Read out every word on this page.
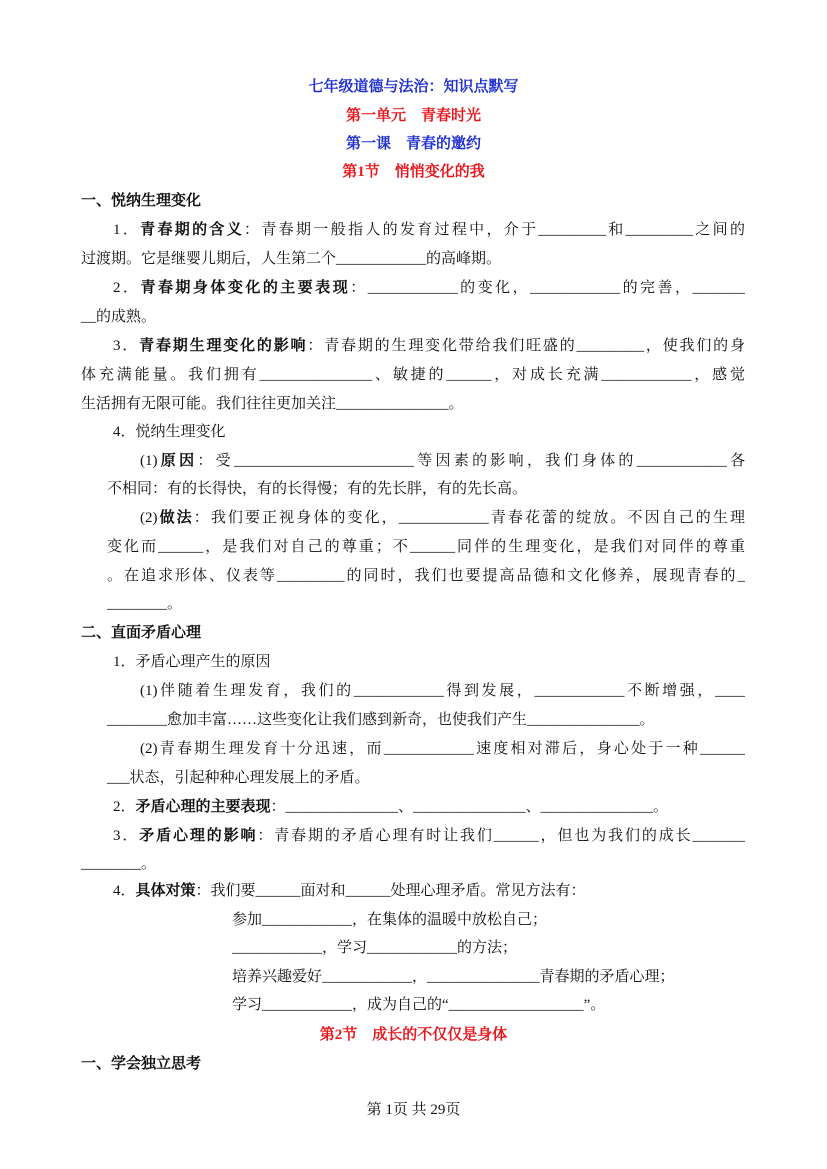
七年级道德与法治：知识点默写
第一单元　青春时光
第一课　青春的邀约
第1节　悄悄变化的我
一、悦纳生理变化
1．青春期的含义：青春期一般指人的发育过程中，介于_________和_________之间的
过渡期。它是继婴儿期后，人生第二个____________的高峰期。
2．青春期身体变化的主要表现：____________的变化，____________的完善，_______
__的成熟。
3．青春期生理变化的影响：青春期的生理变化带给我们旺盛的_________，使我们的身
体充满能量。我们拥有_______________、敏捷的______，对成长充满____________，感觉
生活拥有无限可能。我们往往更加关注_______________。
4．悦纳生理变化
(1)原因：受________________________等因素的影响，我们身体的____________各
不相同：有的长得快，有的长得慢；有的先长胖，有的先长高。
(2)做法：我们要正视身体的变化，____________青春花蕾的绽放。不因自己的生理
变化而______，是我们对自己的尊重；不______同伴的生理变化，是我们对同伴的尊重
。在追求形体、仪表等_________的同时，我们也要提高品德和文化修养，展现青春的_
________。
二、直面矛盾心理
1．矛盾心理产生的原因
(1)伴随着生理发育，我们的____________得到发展，____________不断增强，____
________愈加丰富……这些变化让我们感到新奇，也使我们产生_______________。
(2)青春期生理发育十分迅速，而____________速度相对滞后，身心处于一种______
___状态，引起种种心理发展上的矛盾。
2．矛盾心理的主要表现：_______________、_______________、_______________。
3．矛盾心理的影响：青春期的矛盾心理有时让我们______，但也为我们的成长_______
________。
4．具体对策：我们要______面对和______处理心理矛盾。常见方法有：
参加____________，在集体的温暖中放松自己；
____________，学习____________的方法；
培养兴趣爱好____________，_______________青春期的矛盾心理；
学习____________，成为自己的“__________________”。
一、学会独立思考
第2节　成长的不仅仅是身体
第 1页 共 29页
